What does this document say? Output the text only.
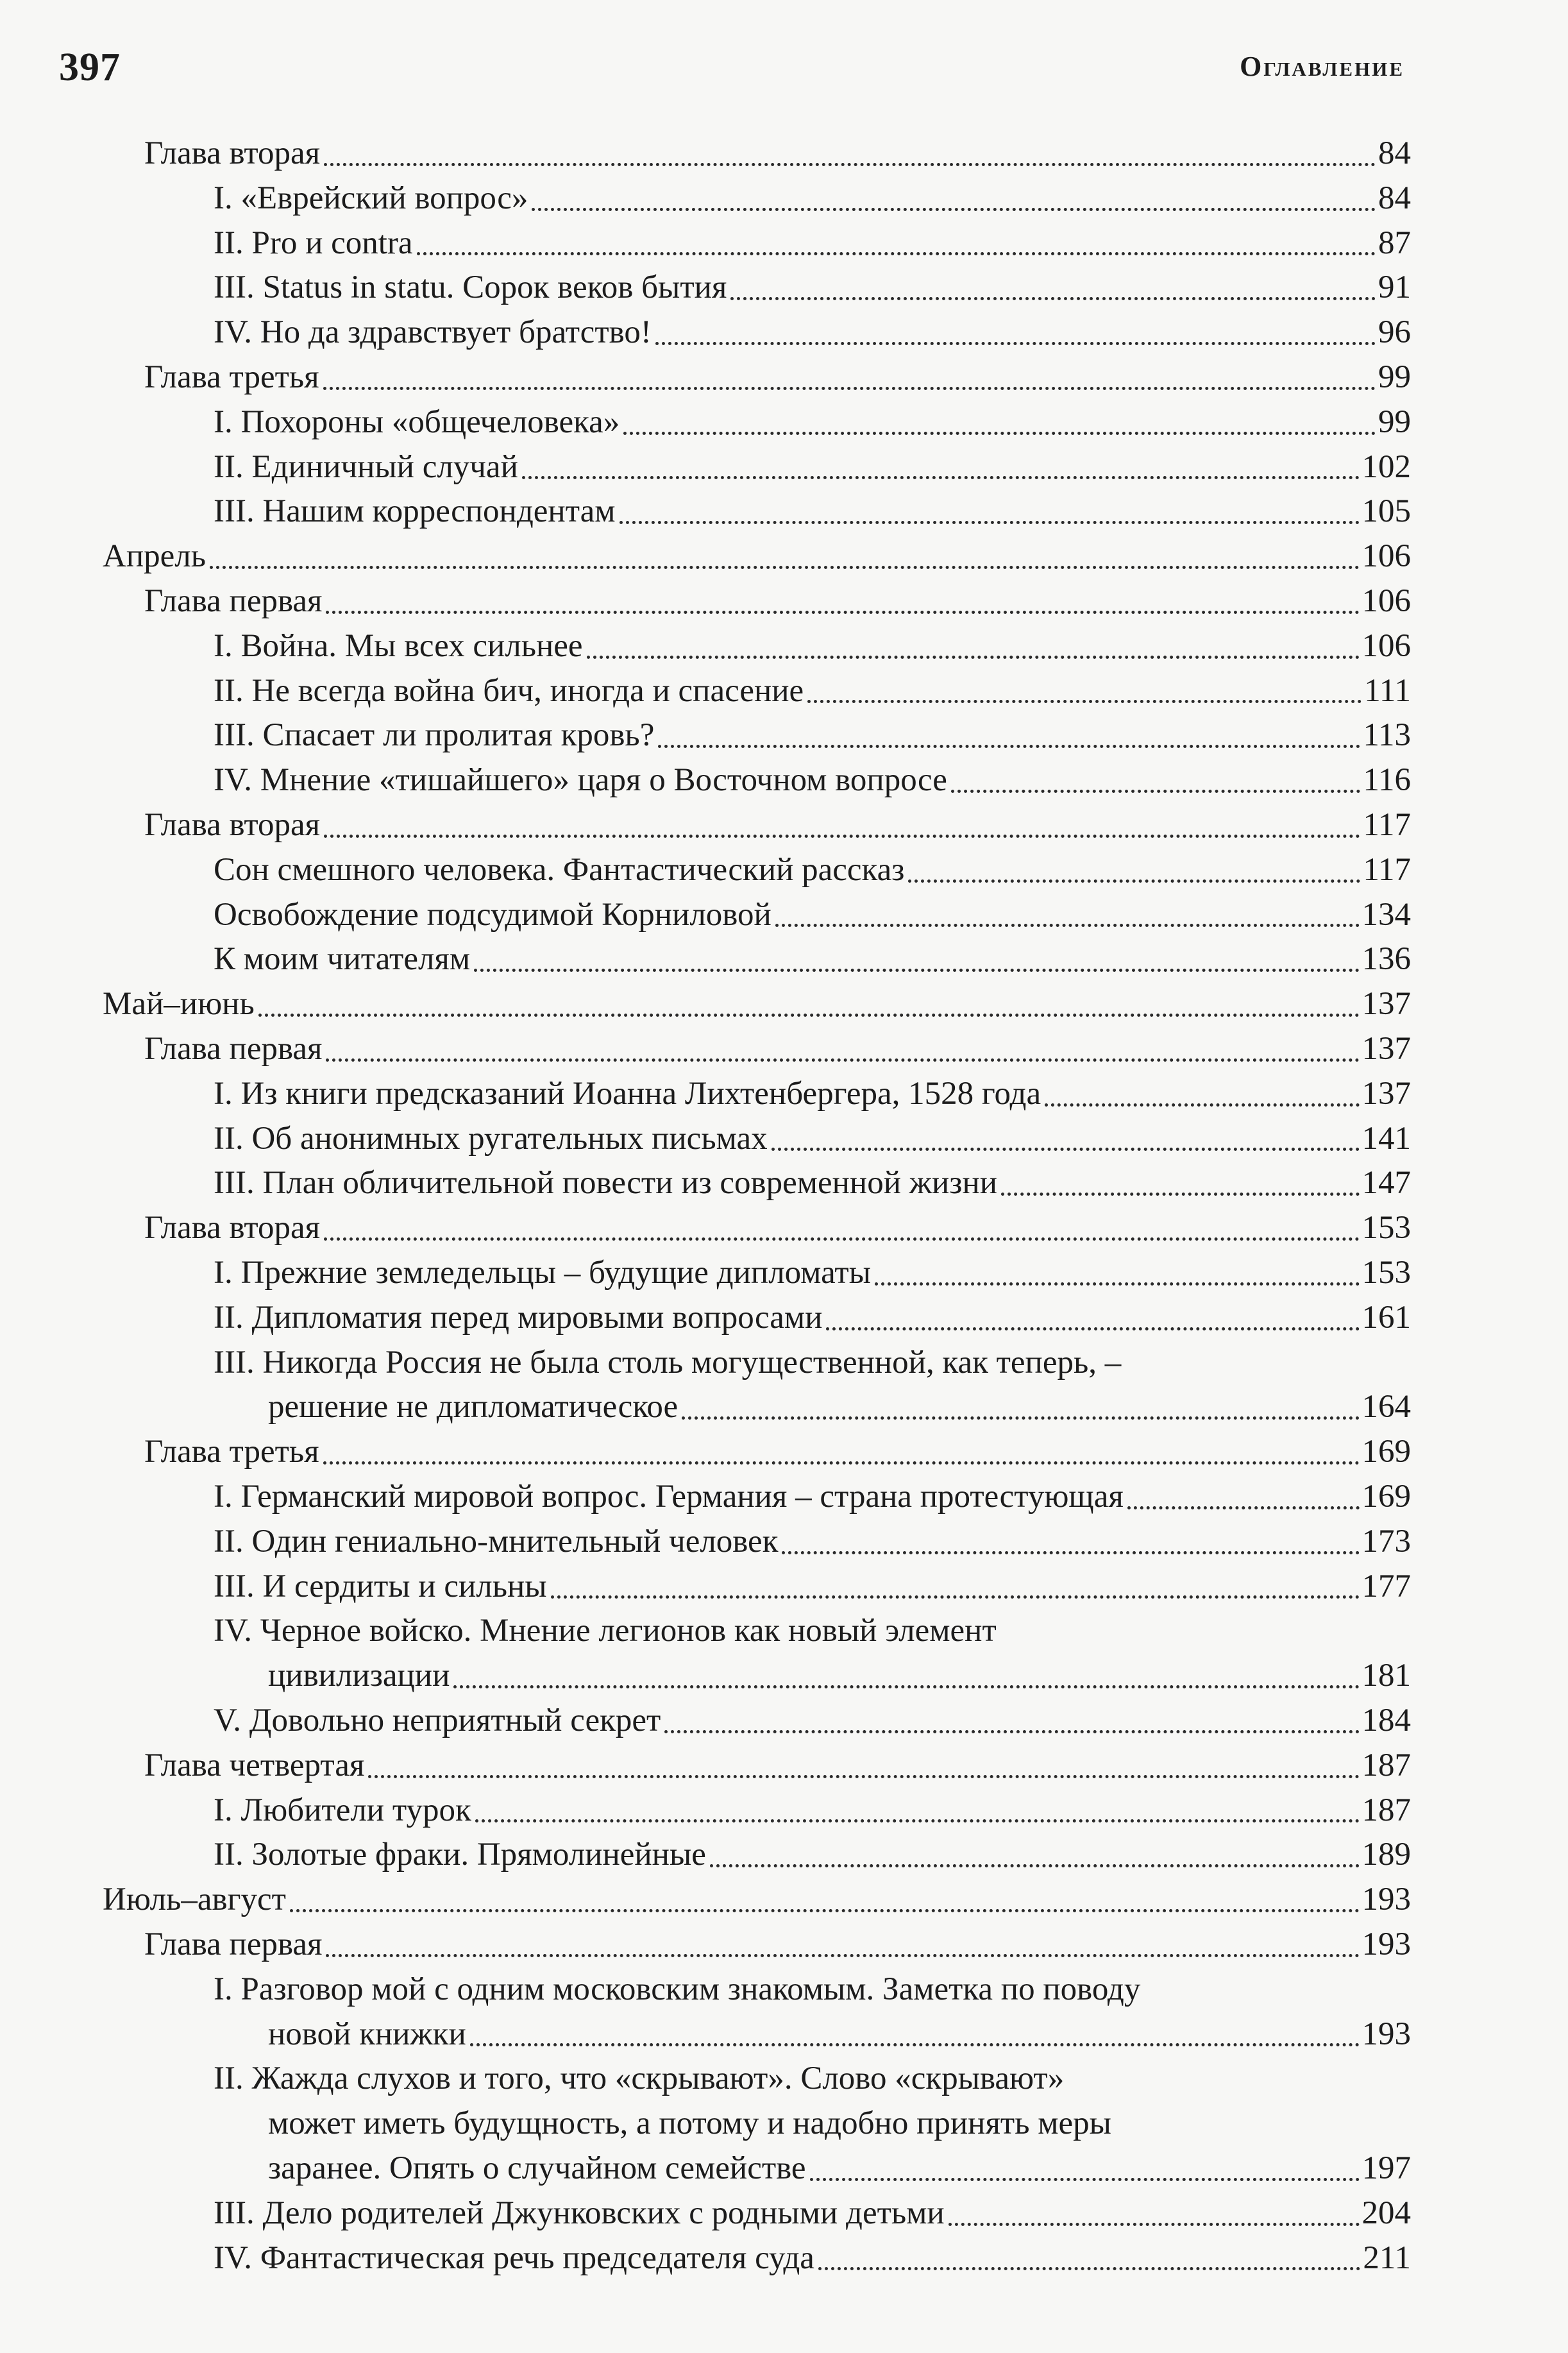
397	Оглавление
Глава вторая	84
I. «Еврейский вопрос»	84
II. Pro и contra	87
III. Status in statu. Сорок веков бытия	91
IV. Но да здравствует братство!	96
Глава третья	99
I. Похороны «общечеловека»	99
II. Единичный случай	102
III. Нашим корреспондентам	105
Апрель	106
Глава первая	106
I. Война. Мы всех сильнее	106
II. Не всегда война бич, иногда и спасение	111
III. Спасает ли пролитая кровь?	113
IV. Мнение «тишайшего» царя о Восточном вопросе	116
Глава вторая	117
Сон смешного человека. Фантастический рассказ	117
Освобождение подсудимой Корниловой	134
К моим читателям	136
Май–июнь	137
Глава первая	137
I. Из книги предсказаний Иоанна Лихтенбергера, 1528 года	137
II. Об анонимных ругательных письмах	141
III. План обличительной повести из современной жизни	147
Глава вторая	153
I. Прежние земледельцы – будущие дипломаты	153
II. Дипломатия перед мировыми вопросами	161
III. Никогда Россия не была столь могущественной, как теперь, –
решение не дипломатическое	164
Глава третья	169
I. Германский мировой вопрос. Германия – страна протестующая	169
II. Один гениально-мнительный человек	173
III. И сердиты и сильны	177
IV. Черное войско. Мнение легионов как новый элемент
цивилизации	181
V. Довольно неприятный секрет	184
Глава четвертая	187
I. Любители турок	187
II. Золотые фраки. Прямолинейные	189
Июль–август	193
Глава первая	193
I. Разговор мой с одним московским знакомым. Заметка по поводу
новой книжки	193
II. Жажда слухов и того, что «скрывают». Слово «скрывают»
может иметь будущность, а потому и надобно принять меры
заранее. Опять о случайном семействе	197
III. Дело родителей Джунковских с родными детьми	204
IV. Фантастическая речь председателя суда	211
